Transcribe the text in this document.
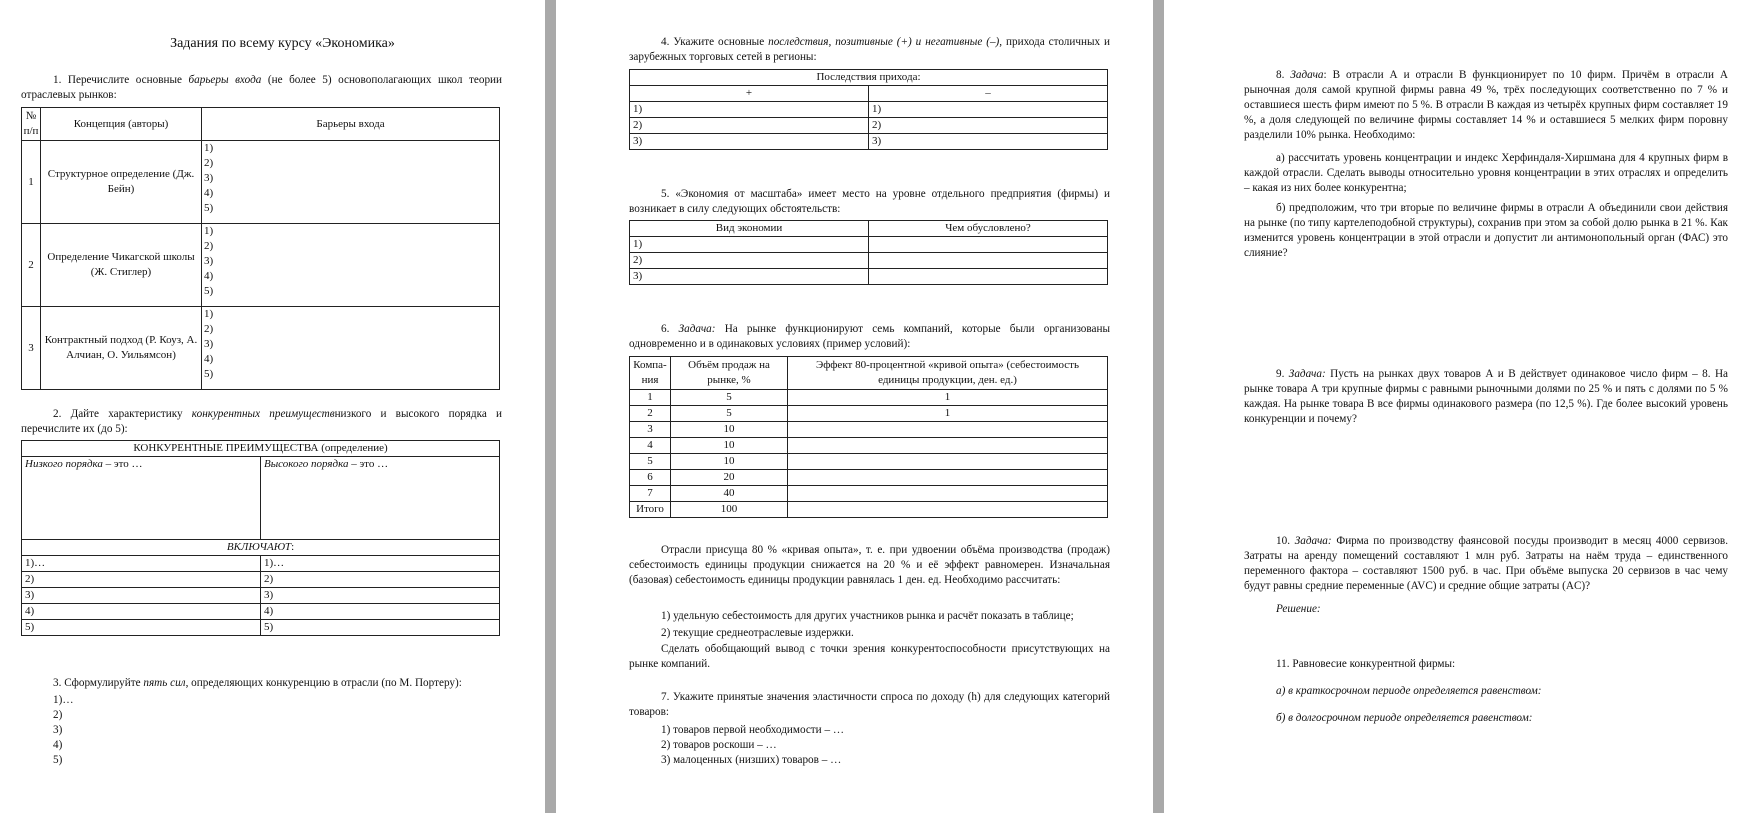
Задания по всему курсу «Экономика»
1. Перечислите основные барьеры входа (не более 5) основополагающих школ теории отраслевых рынков:
№ п/п	Концепция (авторы)	Барьеры входа
1	Структурное определение (Дж. Бейн)	1)
2)
3)
4)
5)

2	Определение Чикагской школы (Ж. Стиглер)	1)
2)
3)
4)
5)

3	Контрактный подход (Р. Коуз, А. Алчиан, О. Уильямсон)	1)
2)
3)
4)
5)
2. Дайте характеристику конкурентных преимуществнизкого и высокого порядка и перечислите их (до 5):
КОНКУРЕНТНЫЕ ПРЕИМУЩЕСТВА (определение)	
Низкого порядка – это …	Высокого порядка – это …
ВКЛЮЧАЮТ:	
1)…	1)…
2)	2)
3)	3)
4)	4)
5)	5)
3. Сформулируйте пять сил, определяющих конкуренцию в отрасли (по М. Портеру):
1)…
2)
3)
4)
5)
4. Укажите основные последствия, позитивные (+) и негативные (–), прихода столичных и зарубежных торговых сетей в регионы:
Последствия прихода:	
+	–
1)	1)
2)	2)
3)	3)
5. «Экономия от масштаба» имеет место на уровне отдельного предприятия (фирмы) и возникает в силу следующих обстоятельств:
Вид экономии	Чем обусловлено?
1)	
2)	
3)	
6. Задача: На рынке функционируют семь компаний, которые были организованы одновременно и в одинаковых условиях (пример условий):
Компа-ния	Объём продаж на рынке, %	Эффект 80-процентной «кривой опыта» (себестоимость единицы продукции, ден. ед.)
1	5	1
2	5	1
3	10	
4	10	
5	10	
6	20	
7	40	
Итого	100	
Отрасли присуща 80 % «кривая опыта», т. е. при удвоении объёма производства (продаж) себестоимость единицы продукции снижается на 20 % и её эффект равномерен. Изначальная (базовая) себестоимость единицы продукции равнялась 1 ден. ед. Необходимо рассчитать:
1) удельную себестоимость для других участников рынка и расчёт показать в таблице;
2) текущие среднеотраслевые издержки.
Сделать обобщающий вывод с точки зрения конкурентоспособности присутствующих на рынке компаний.
7. Укажите принятые значения эластичности спроса по доходу (h) для следующих категорий товаров:
1) товаров первой необходимости – …
2) товаров роскоши – …
3) малоценных (низших) товаров – …
8. Задача: В отрасли А и отрасли В функционирует по 10 фирм. Причём в отрасли А рыночная доля самой крупной фирмы равна 49 %, трёх последующих соответственно по 7 % и оставшиеся шесть фирм имеют по 5 %. В отрасли В каждая из четырёх крупных фирм составляет 19 %, а доля следующей по величине фирмы составляет 14 % и оставшиеся 5 мелких фирм поровну разделили 10% рынка. Необходимо:
а) рассчитать уровень концентрации и индекс Херфиндаля-Хиршмана для 4 крупных фирм в каждой отрасли. Сделать выводы относительно уровня концентрации в этих отраслях и определить – какая из них более конкурентна;
б) предположим, что три вторые по величине фирмы в отрасли А объединили свои действия на рынке (по типу картелеподобной структуры), сохранив при этом за собой долю рынка в 21 %. Как изменится уровень концентрации в этой отрасли и допустит ли антимонопольный орган (ФАС) это слияние?
9. Задача: Пусть на рынках двух товаров А и В действует одинаковое число фирм – 8. На рынке товара А три крупные фирмы с равными рыночными долями по 25 % и пять с долями по 5 % каждая. На рынке товара В все фирмы одинакового размера (по 12,5 %). Где более высокий уровень конкуренции и почему?
10. Задача: Фирма по производству фаянсовой посуды производит в месяц 4000 сервизов. Затраты на аренду помещений составляют 1 млн руб. Затраты на наём труда – единственного переменного фактора – составляют 1500 руб. в час. При объёме выпуска 20 сервизов в час чему будут равны средние переменные (AVC) и средние общие затраты (AC)?
Решение:
11. Равновесие конкурентной фирмы:
а) в краткосрочном периоде определяется равенством:
б) в долгосрочном периоде определяется равенством:
